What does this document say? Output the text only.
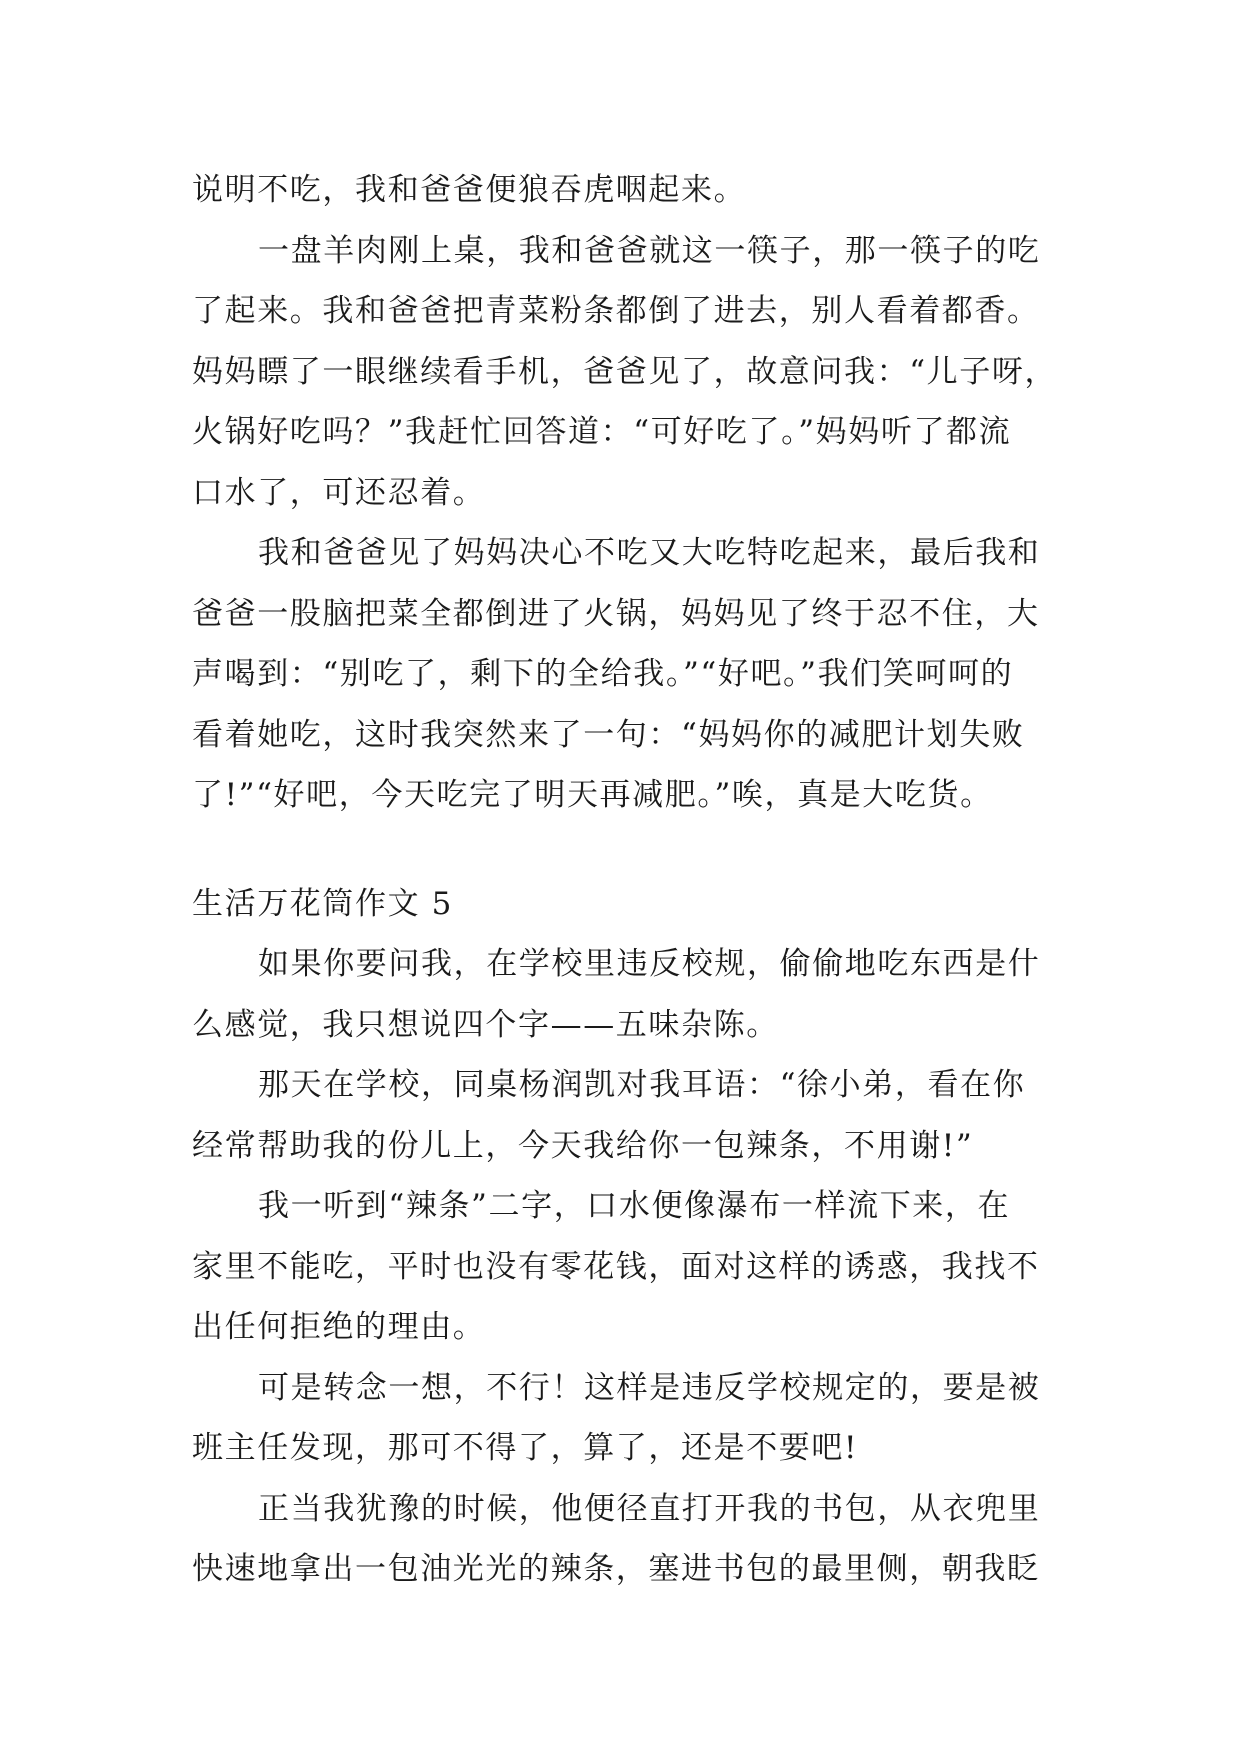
说明不吃，我和爸爸便狼吞虎咽起来。
一盘羊肉刚上桌，我和爸爸就这一筷子，那一筷子的吃
了起来。我和爸爸把青菜粉条都倒了进去，别人看着都香。
妈妈瞟了一眼继续看手机，爸爸见了，故意问我：“儿子呀，
火锅好吃吗？”我赶忙回答道：“可好吃了。”妈妈听了都流
口水了，可还忍着。
我和爸爸见了妈妈决心不吃又大吃特吃起来，最后我和
爸爸一股脑把菜全都倒进了火锅，妈妈见了终于忍不住，大
声喝到：“别吃了，剩下的全给我。”“好吧。”我们笑呵呵的
看着她吃，这时我突然来了一句：“妈妈你的减肥计划失败
了!”“好吧，今天吃完了明天再减肥。”唉，真是大吃货。
生活万花筒作文 5
如果你要问我，在学校里违反校规，偷偷地吃东西是什
么感觉，我只想说四个字——五味杂陈。
那天在学校，同桌杨润凯对我耳语：“徐小弟，看在你
经常帮助我的份儿上，今天我给你一包辣条，不用谢!”
我一听到“辣条”二字，口水便像瀑布一样流下来，在
家里不能吃，平时也没有零花钱，面对这样的诱惑，我找不
出任何拒绝的理由。
可是转念一想，不行！这样是违反学校规定的，要是被
班主任发现，那可不得了，算了，还是不要吧!
正当我犹豫的时候，他便径直打开我的书包，从衣兜里
快速地拿出一包油光光的辣条，塞进书包的最里侧，朝我眨
